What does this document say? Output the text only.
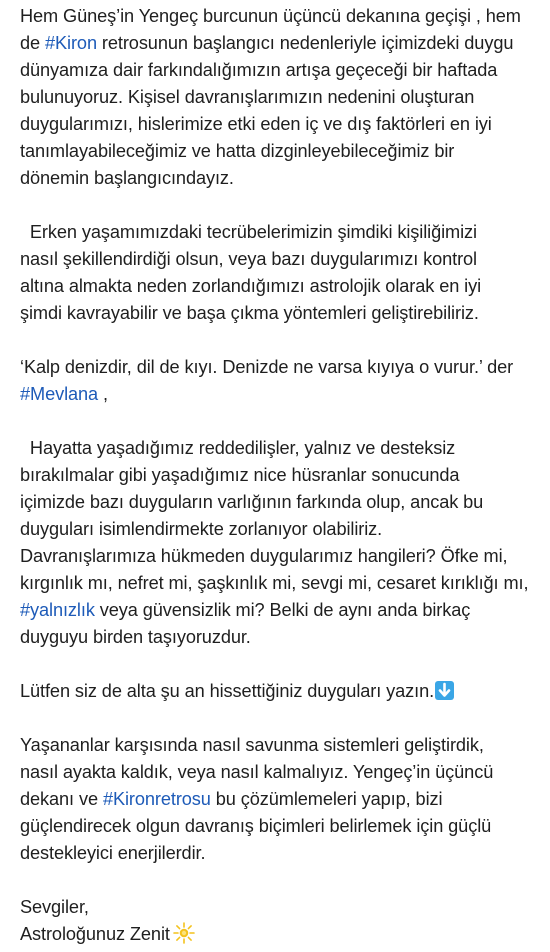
Hem Güneş’in Yengeç burcunun üçüncü dekanına geçişi , hem
de #Kiron retrosunun başlangıcı nedenleriyle içimizdeki duygu
dünyamıza dair farkındalığımızın artışa geçeceği bir haftada
bulunuyoruz. Kişisel davranışlarımızın nedenini oluşturan
duygularımızı, hislerimize etki eden iç ve dış faktörleri en iyi
tanımlayabileceğimiz ve hatta dizginleyebileceğimiz bir
dönemin başlangıcındayız.

Erken yaşamımızdaki tecrübelerimizin şimdiki kişiliğimizi
nasıl şekillendirdiği olsun, veya bazı duygularımızı kontrol
altına almakta neden zorlandığımızı astrolojik olarak en iyi
şimdi kavrayabilir ve başa çıkma yöntemleri geliştirebiliriz.

‘Kalp denizdir, dil de kıyı. Denizde ne varsa kıyıya o vurur.’ der
#Mevlana ,

Hayatta yaşadığımız reddedilişler, yalnız ve desteksiz
bırakılmalar gibi yaşadığımız nice hüsranlar sonucunda
içimizde bazı duyguların varlığının farkında olup, ancak bu
duyguları isimlendirmekte zorlanıyor olabiliriz.
Davranışlarımıza hükmeden duygularımız hangileri? Öfke mi,
kırgınlık mı, nefret mi, şaşkınlık mi, sevgi mi, cesaret kırıklığı mı,
#yalnızlık veya güvensizlik mi? Belki de aynı anda birkaç
duyguyu birden taşıyoruzdur.

Lütfen siz de alta şu an hissettiğiniz duyguları yazın.

Yaşananlar karşısında nasıl savunma sistemleri geliştirdik,
nasıl ayakta kaldık, veya nasıl kalmalıyız. Yengeç’in üçüncü
dekanı ve #Kironretrosu bu çözümlemeleri yapıp, bizi
güçlendirecek olgun davranış biçimleri belirlemek için güçlü
destekleyici enerjilerdir.

Sevgiler,
Astroloğunuz Zenit
